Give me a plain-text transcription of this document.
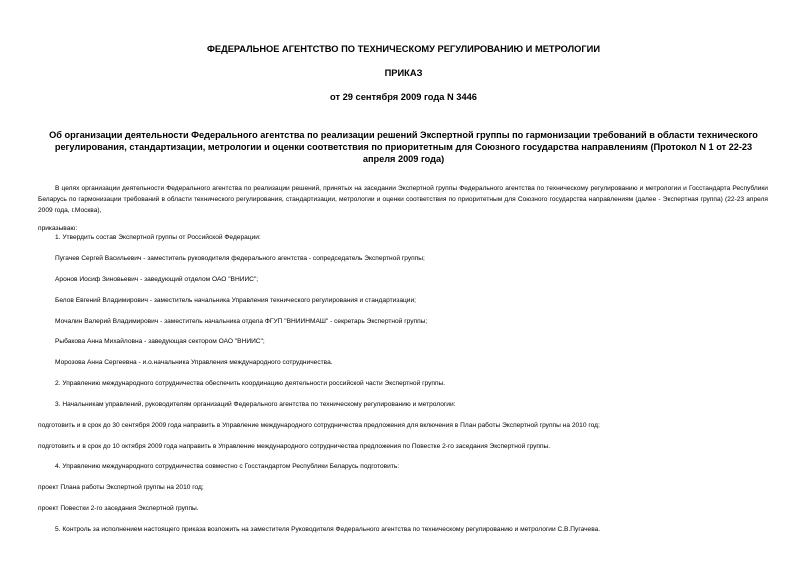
ФЕДЕРАЛЬНОЕ АГЕНТСТВО ПО ТЕХНИЧЕСКОМУ РЕГУЛИРОВАНИЮ И МЕТРОЛОГИИ
ПРИКАЗ
от 29 сентября 2009 года N 3446
Об организации деятельности Федерального агентства по реализации решений Экспертной группы по гармонизации требований в области технического регулирования, стандартизации, метрологии и оценки соответствия по приоритетным для Союзного государства направлениям (Протокол N 1 от 22-23 апреля 2009 года)
В целях организации деятельности Федерального агентства по реализации решений, принятых на заседании Экспертной группы Федерального агентства по техническому регулированию и метрологии и Госстандарта Республики Беларусь по гармонизации требований в области технического регулирования, стандартизации, метрологии и оценки соответствия по приоритетным для Союзного государства направлениям (далее - Экспертная группа) (22-23 апреля 2009 года, г.Москва),
приказываю:
1. Утвердить состав Экспертной группы от Российской Федерации:
Пугачев Сергей Васильевич - заместитель руководителя федерального агентства - сопредседатель Экспертной группы;
Аронов Иосиф Зиновьевич - заведующий отделом ОАО "ВНИИС";
Белов Евгений Владимирович - заместитель начальника Управления технического регулирования и стандартизации;
Мочалин Валерий Владимирович - заместитель начальника отдела ФГУП "ВНИИНМАШ" - секретарь Экспертной группы;
Рыбакова Анна Михайловна - заведующая сектором ОАО "ВНИИС";
Морозова Анна Сергеевна - и.о.начальника Управления международного сотрудничества.
2. Управлению международного сотрудничества обеспечить координацию деятельности российской части Экспертной группы.
3. Начальникам управлений, руководителям организаций Федерального агентства по техническому регулированию и метрологии:
подготовить и в срок до 30 сентября 2009 года направить в Управление международного сотрудничества предложения для включения в План работы Экспертной группы на 2010 год;
подготовить и в срок до 10 октября 2009 года направить в Управление международного сотрудничества предложения по Повестке 2-го заседания Экспертной группы.
4. Управлению международного сотрудничества совместно с Госстандартом Республики Беларусь подготовить:
проект Плана работы Экспертной группы на 2010 год;
проект Повестки 2-го заседания Экспертной группы.
5. Контроль за исполнением настоящего приказа возложить на заместителя Руководителя Федерального агентства по техническому регулированию и метрологии С.В.Пугачева.
